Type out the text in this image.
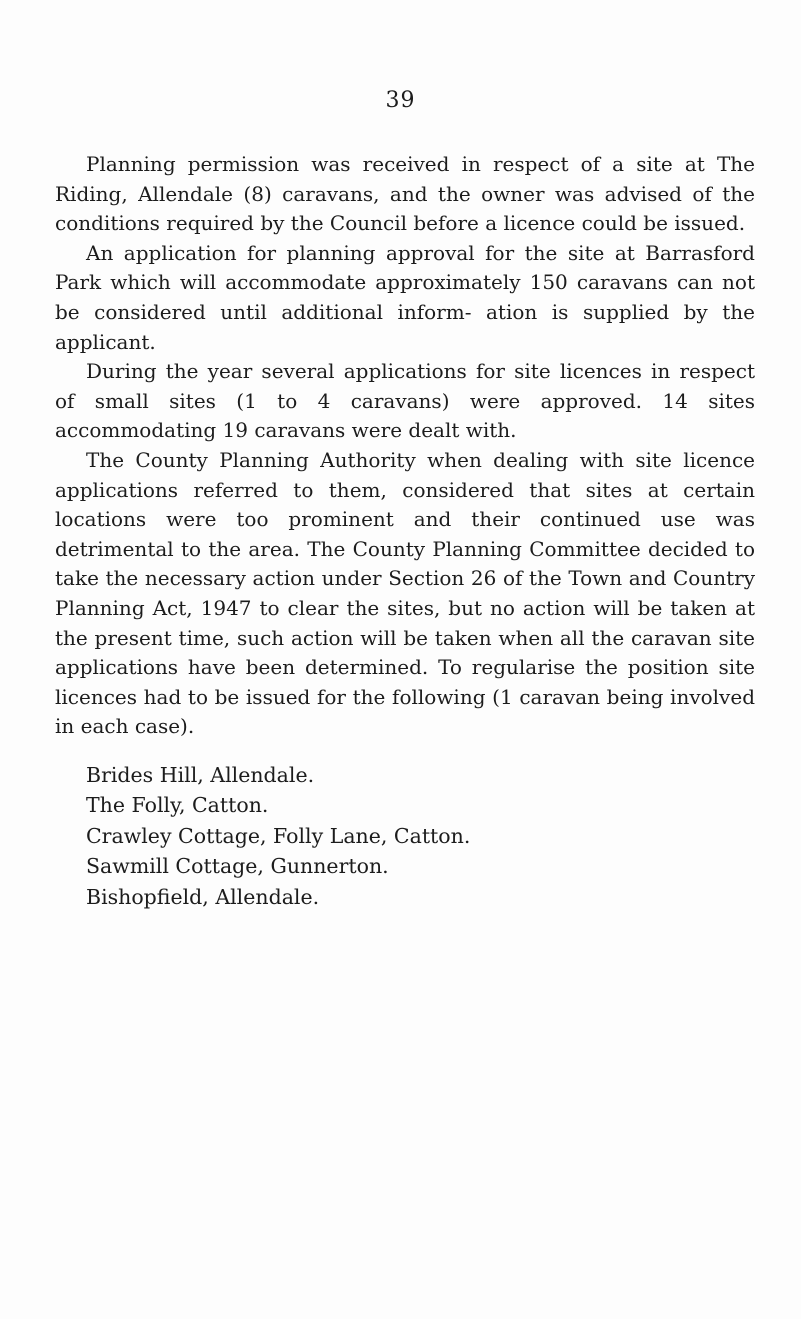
39

Planning permission was received in respect of a site at The Riding, Allendale (8) caravans, and the owner was advised of the conditions required by the Council before a licence could be issued.

An application for planning approval for the site at Barrasford Park which will accommodate approximately 150 caravans can not be considered until additional inform- ation is supplied by the applicant.

During the year several applications for site licences in respect of small sites (1 to 4 caravans) were approved. 14 sites accommodating 19 caravans were dealt with.

The County Planning Authority when dealing with site licence applications referred to them, considered that sites at certain locations were too prominent and their continued use was detrimental to the area. The County Planning Committee decided to take the necessary action under Section 26 of the Town and Country Planning Act, 1947 to clear the sites, but no action will be taken at the present time, such action will be taken when all the caravan site applications have been determined. To regularise the position site licences had to be issued for the following (1 caravan being involved in each case).

Brides Hill, Allendale.
The Folly, Catton.
Crawley Cottage, Folly Lane, Catton.
Sawmill Cottage, Gunnerton.
Bishopfield, Allendale.
